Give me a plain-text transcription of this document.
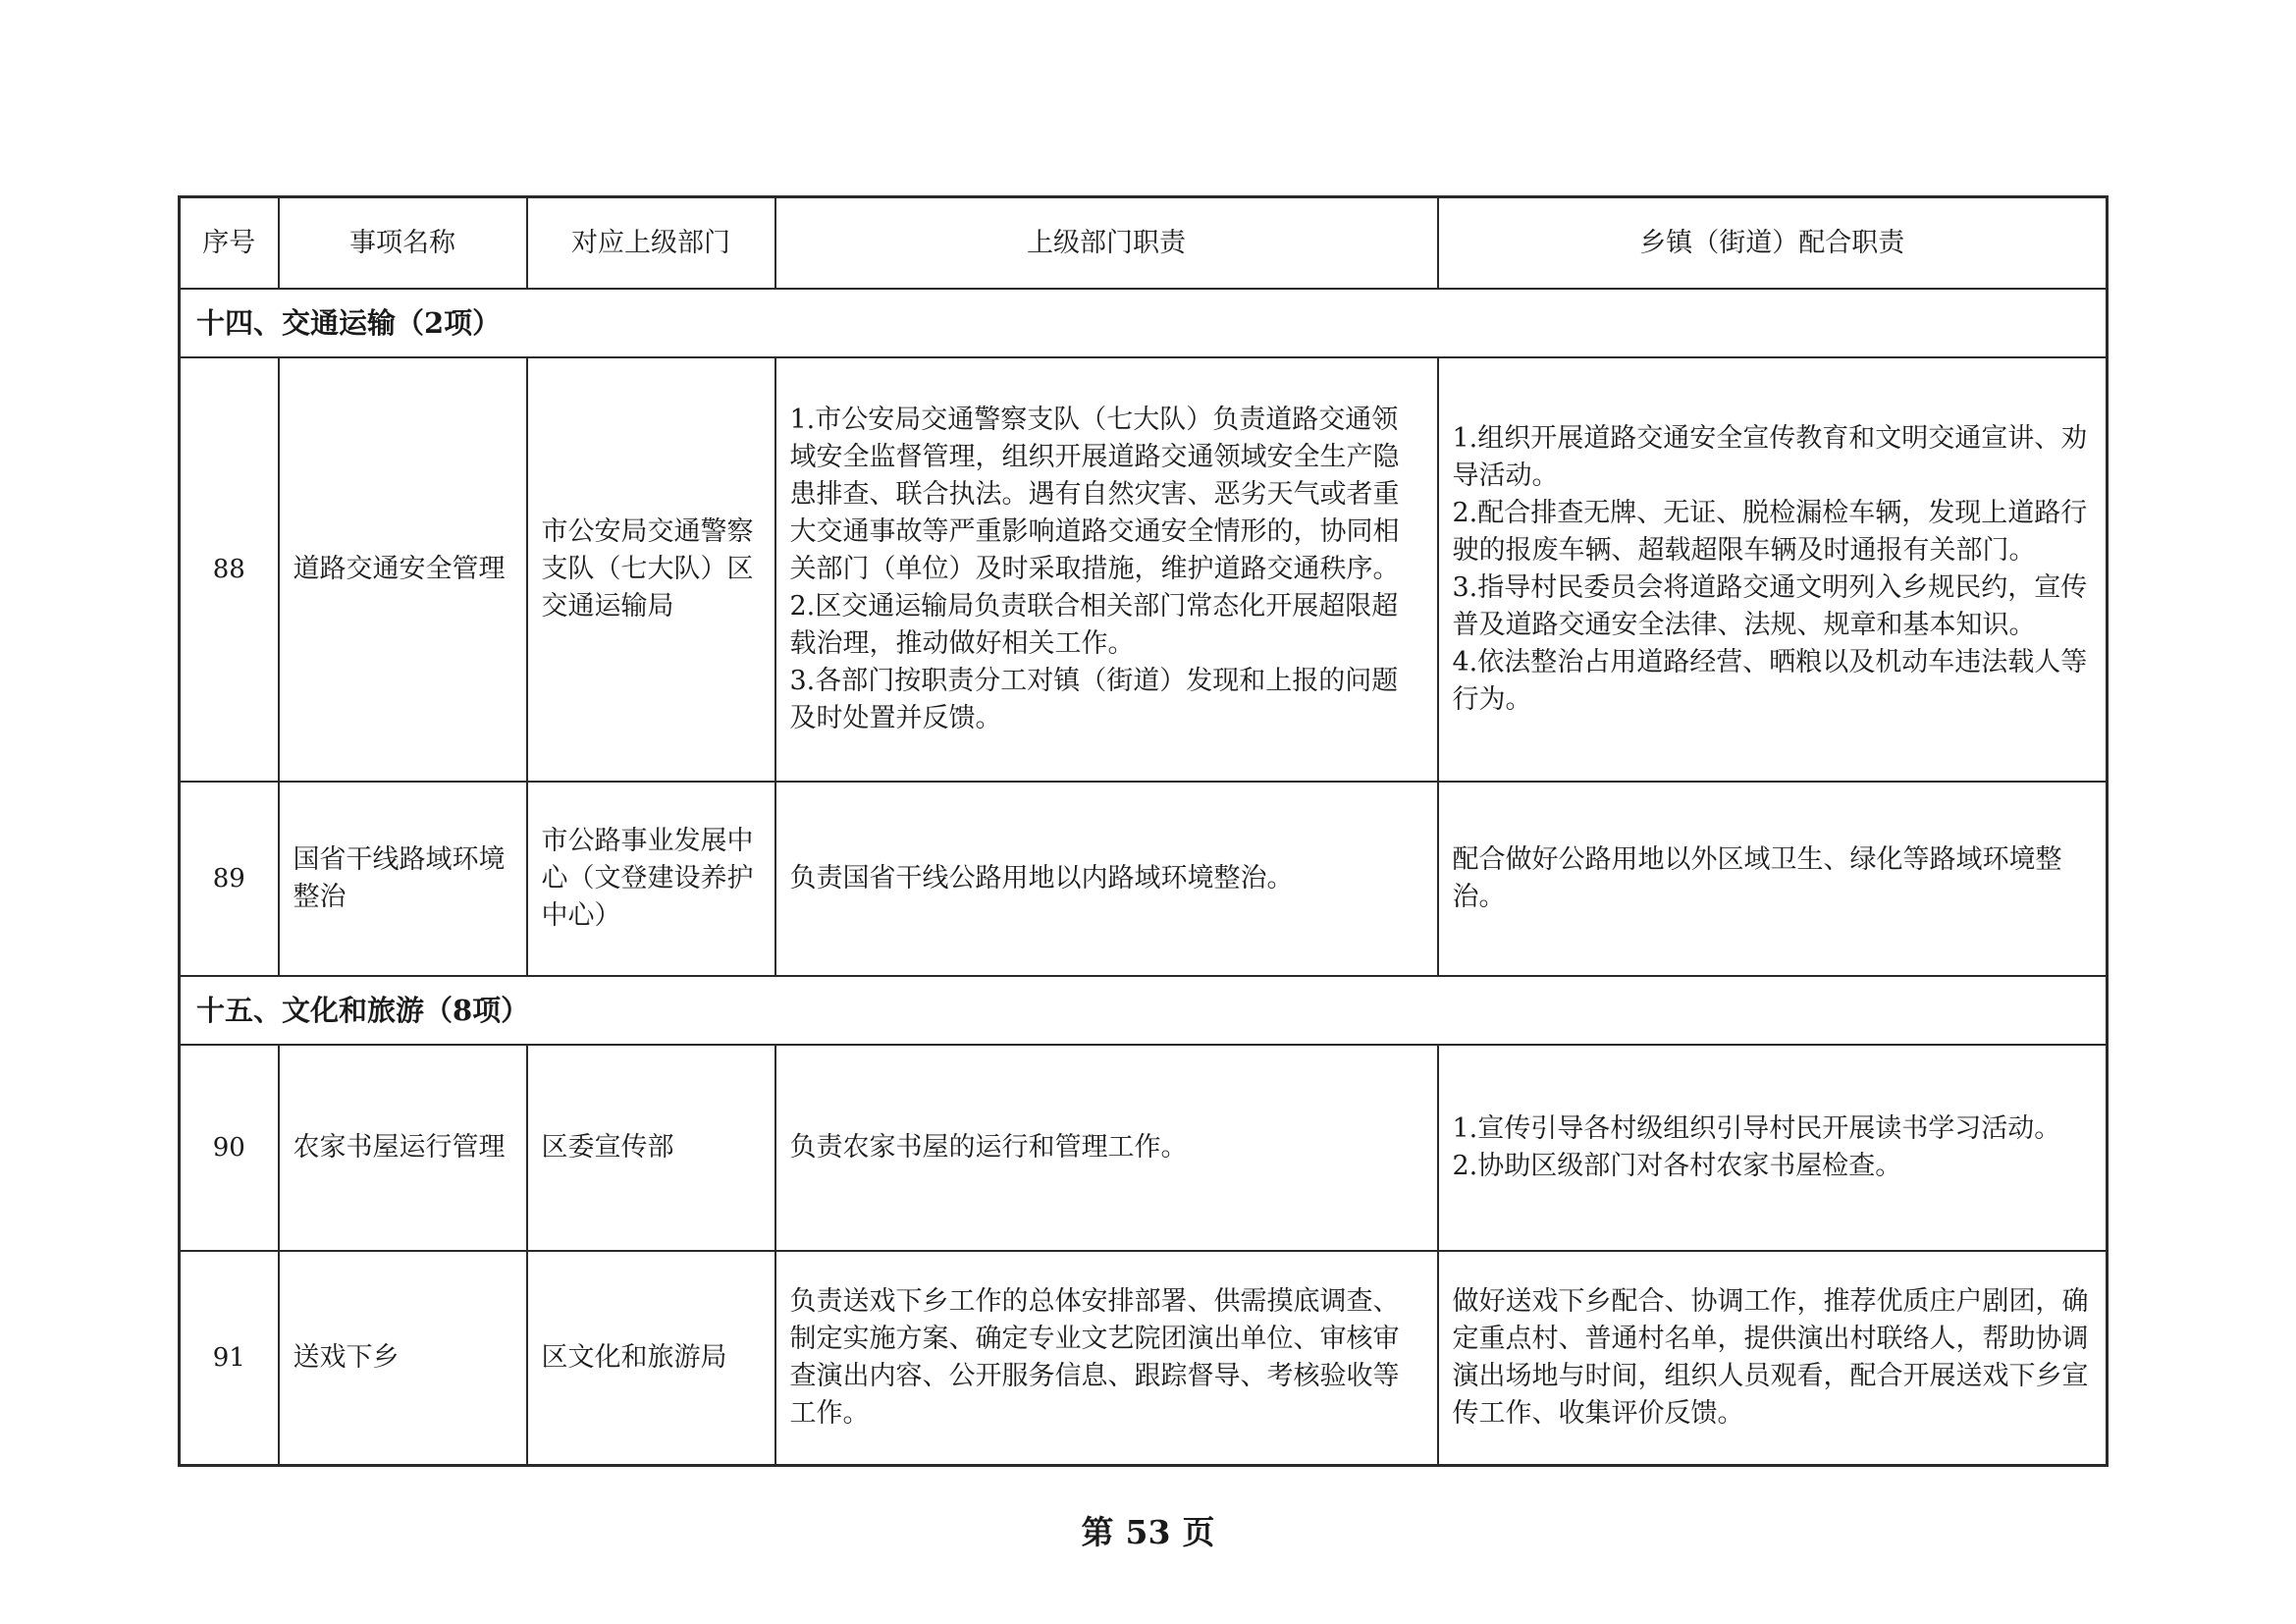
序号	事项名称	对应上级部门	上级部门职责	乡镇（街道）配合职责
十四、交通运输（2项）				
88	道路交通安全管理	市公安局交通警察支队（七大队）区交通运输局	1.市公安局交通警察支队（七大队）负责道路交通领域安全监督管理，组织开展道路交通领域安全生产隐患排查、联合执法。遇有自然灾害、恶劣天气或者重大交通事故等严重影响道路交通安全情形的，协同相关部门（单位）及时采取措施，维护道路交通秩序。
2.区交通运输局负责联合相关部门常态化开展超限超载治理，推动做好相关工作。
3.各部门按职责分工对镇（街道）发现和上报的问题及时处置并反馈。	1.组织开展道路交通安全宣传教育和文明交通宣讲、劝导活动。
2.配合排查无牌、无证、脱检漏检车辆，发现上道路行驶的报废车辆、超载超限车辆及时通报有关部门。
3.指导村民委员会将道路交通文明列入乡规民约，宣传普及道路交通安全法律、法规、规章和基本知识。
4.依法整治占用道路经营、晒粮以及机动车违法载人等行为。

89	国省干线路域环境整治	市公路事业发展中心（文登建设养护中心）	负责国省干线公路用地以内路域环境整治。	配合做好公路用地以外区域卫生、绿化等路域环境整治。

十五、文化和旅游（8项）				
90	农家书屋运行管理	区委宣传部	负责农家书屋的运行和管理工作。	1.宣传引导各村级组织引导村民开展读书学习活动。
2.协助区级部门对各村农家书屋检查。

91	送戏下乡	区文化和旅游局	负责送戏下乡工作的总体安排部署、供需摸底调查、制定实施方案、确定专业文艺院团演出单位、审核审查演出内容、公开服务信息、跟踪督导、考核验收等工作。	做好送戏下乡配合、协调工作，推荐优质庄户剧团，确定重点村、普通村名单，提供演出村联络人，帮助协调演出场地与时间，组织人员观看，配合开展送戏下乡宣传工作、收集评价反馈。
第 53 页
